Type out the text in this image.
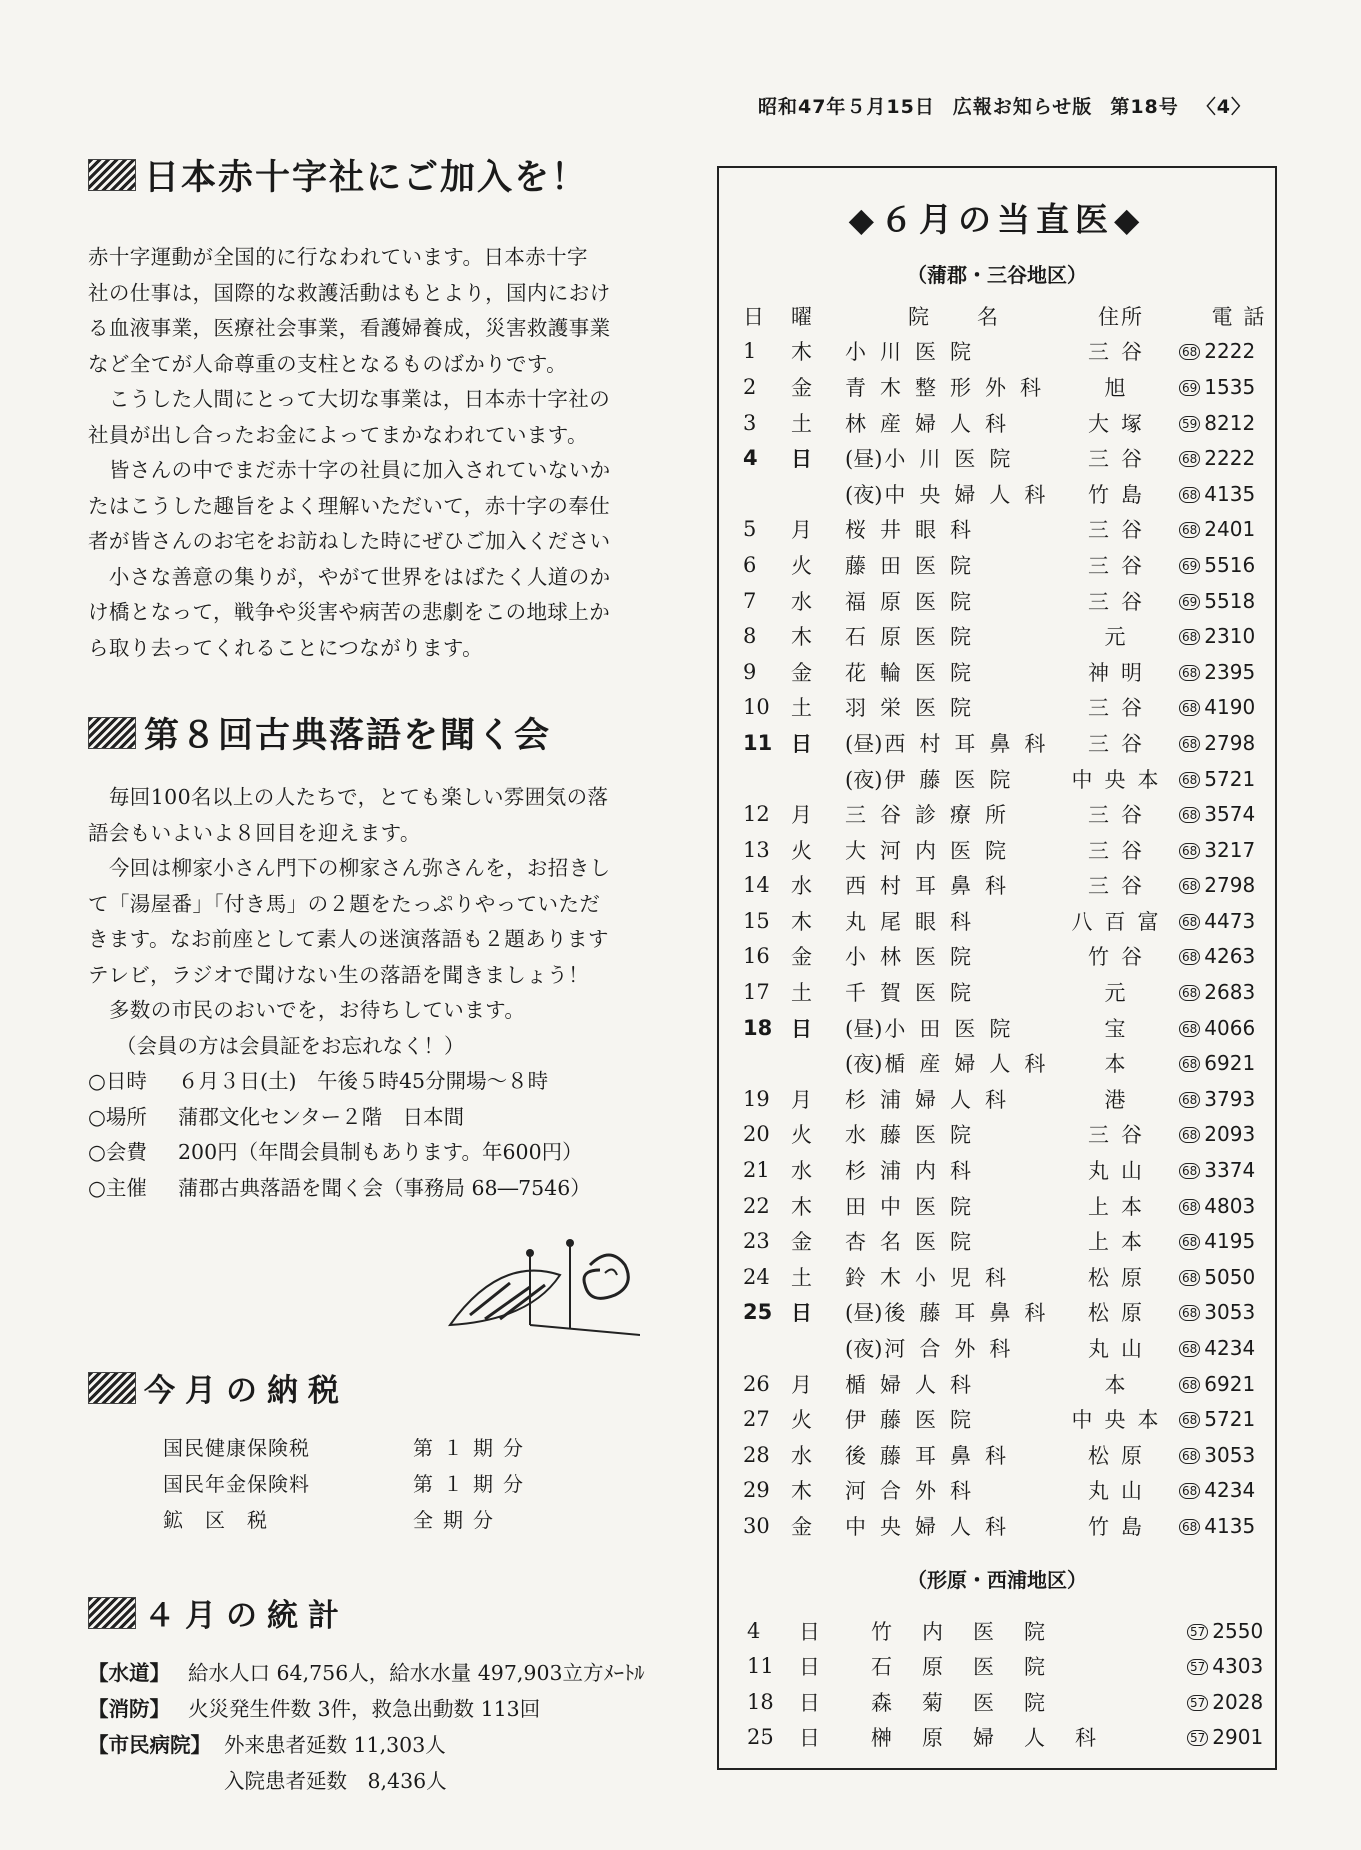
昭和47年５月15日 広報お知らせ版 第18号 〈4〉
日本赤十字社にご加入を！

赤十字運動が全国的に行なわれています。日本赤十字

社の仕事は，国際的な救護活動はもとより，国内におけ

る血液事業，医療社会事業，看護婦養成，災害救護事業

など全てが人命尊重の支柱となるものばかりです。

　こうした人間にとって大切な事業は，日本赤十字社の

社員が出し合ったお金によってまかなわれています。

　皆さんの中でまだ赤十字の社員に加入されていないか

たはこうした趣旨をよく理解いただいて，赤十字の奉仕

者が皆さんのお宅をお訪ねした時にぜひご加入ください

　小さな善意の集りが，やがて世界をはばたく人道のか

け橋となって，戦争や災害や病苦の悲劇をこの地球上か

ら取り去ってくれることにつながります。

第８回古典落語を聞く会

　毎回100名以上の人たちで，とても楽しい雰囲気の落

語会もいよいよ８回目を迎えます。

　今回は柳家小さん門下の柳家さん弥さんを，お招きし

て「湯屋番」「付き馬」の２題をたっぷりやっていただ

きます。なお前座として素人の迷演落語も２題あります

テレビ，ラジオで聞けない生の落語を聞きましょう！

　多数の市民のおいでを，お待ちしています。

（会員の方は会員証をお忘れなく！）

○日時	６月３日(土)　午後５時45分開場～８時
○場所	蒲郡文化センター２階　日本間
○会費	200円（年間会員制もあります。年600円）
○主催	蒲郡古典落語を聞く会（事務局 68―7546）
今月の納税
国民健康保険税	第１期分
国民年金保険料	第１期分
鉱　区　税	全期分
４月の統計
【水道】 給水人口 64,756人，給水水量 497,903立方ﾒｰﾄﾙ
【消防】 火災発生件数 3件，救急出動数 113回
【市民病院】 外来患者延数 11,303人
入院患者延数　8,436人
◆６月の当直医◆
（蒲郡・三谷地区）
日	曜	院　　名	住所	電 話
1	木	小川医院	三谷	68 2222
2	金	青木整形外科	旭	69 1535
3	土	林産婦人科	大塚	59 8212
4	日	(昼) 小川医院	三谷	68 2222
(夜) 中央婦人科	竹島	68 4135
5	月	桜井眼科	三谷	68 2401
6	火	藤田医院	三谷	69 5516
7	水	福原医院	三谷	69 5518
8	木	石原医院	元	68 2310
9	金	花輪医院	神明	68 2395
10	土	羽栄医院	三谷	68 4190
11 日	(昼) 西村耳鼻科	三谷	68 2798
(夜) 伊藤医院	中央本 68 5721
12	月	三谷診療所	三谷	68 3574
13	火	大河内医院	三谷	68 3217
14	水	西村耳鼻科	三谷	68 2798
15	木	丸尾眼科	八百富 68 4473
16	金	小林医院	竹谷	68 4263
17	土	千賀医院	元	68 2683
18 日	(昼) 小田医院	宝	68 4066
(夜) 楯産婦人科	本	68 6921
19	月	杉浦婦人科	港	68 3793
20	火	水藤医院	三谷	68 2093
21	水	杉浦内科	丸山	68 3374
22	木	田中医院	上本	68 4803
23	金	杏名医院	上本	68 4195
24	土	鈴木小児科	松原	68 5050
25 日	(昼) 後藤耳鼻科	松原	68 3053
(夜) 河合外科	丸山	68 4234
26	月	楯婦人科	本	68 6921
27	火	伊藤医院	中央本 68 5721
28	水	後藤耳鼻科	松原	68 3053
29	木	河合外科	丸山	68 4234
30	金	中央婦人科	竹島	68 4135
（形原・西浦地区）
4	日	竹内医院	57 2550
11	日	石原医院	57 4303
18	日	森菊医院	57 2028
25	日	榊原婦人科	57 2901
